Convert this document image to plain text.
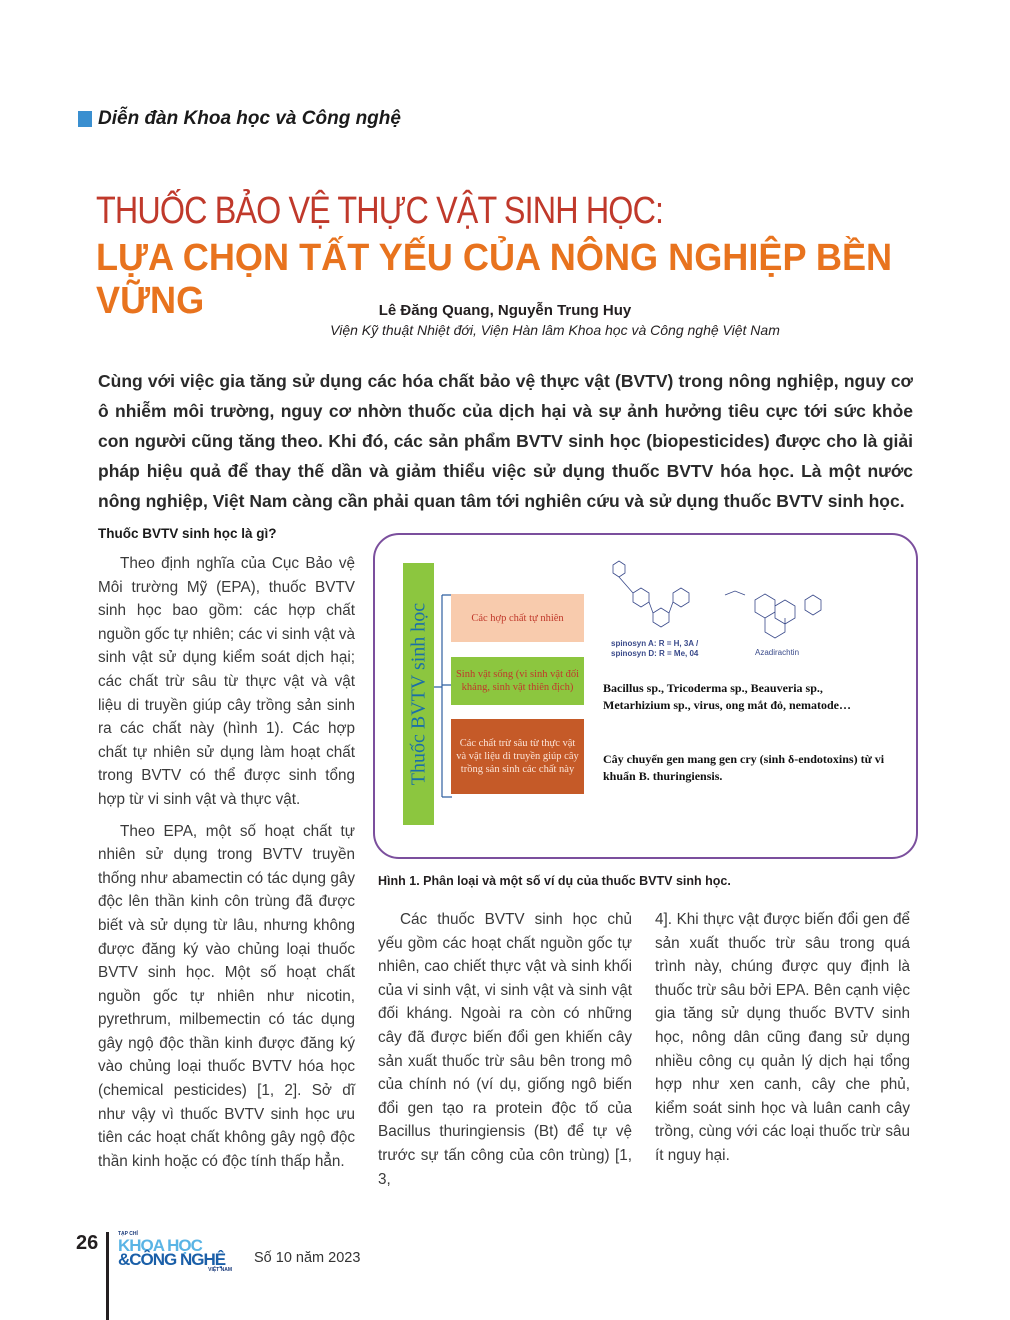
Diễn đàn Khoa học và Công nghệ
THUỐC BẢO VỆ THỰC VẬT SINH HỌC:
LỰA CHỌN TẤT YẾU CỦA NÔNG NGHIỆP BỀN VỮNG	Lê Đăng Quang, Nguyễn Trung Huy
Viện Kỹ thuật Nhiệt đới, Viện Hàn lâm Khoa học và Công nghệ Việt Nam
Cùng với việc gia tăng sử dụng các hóa chất bảo vệ thực vật (BVTV) trong nông nghiệp, nguy cơ ô nhiễm môi trường, nguy cơ nhờn thuốc của dịch hại và sự ảnh hưởng tiêu cực tới sức khỏe con người cũng tăng theo. Khi đó, các sản phẩm BVTV sinh học (biopesticides) được cho là giải pháp hiệu quả để thay thế dần và giảm thiểu việc sử dụng thuốc BVTV hóa học. Là một nước nông nghiệp, Việt Nam càng cần phải quan tâm tới nghiên cứu và sử dụng thuốc BVTV sinh học.
Thuốc BVTV sinh học là gì?

Theo định nghĩa của Cục Bảo vệ Môi trường Mỹ (EPA), thuốc BVTV sinh học bao gồm: các hợp chất nguồn gốc tự nhiên; các vi sinh vật và sinh vật sử dụng kiểm soát dịch hại; các chất trừ sâu từ thực vật và vật liệu di truyền giúp cây trồng sản sinh ra các chất này (hình 1). Các hợp chất tự nhiên sử dụng làm hoạt chất trong BVTV có thể được sinh tổng hợp từ vi sinh vật và thực vật.

Theo EPA, một số hoạt chất tự nhiên sử dụng trong BVTV truyền thống như abamectin có tác dụng gây độc lên thần kinh côn trùng đã được biết và sử dụng từ lâu, nhưng không được đăng ký vào chủng loại thuốc BVTV sinh học. Một số hoạt chất nguồn gốc tự nhiên như nicotin, pyrethrum, milbemectin có tác dụng gây ngộ độc thần kinh được đăng ký vào chủng loại thuốc BVTV hóa học (chemical pesticides) [1, 2]. Sở dĩ như vậy vì thuốc BVTV sinh học ưu tiên các hoạt chất không gây ngộ độc thần kinh hoặc có độc tính thấp hẳn.

Thuốc BVTV sinh học	Các hợp chất tự nhiên
Sinh vật sống (vi sinh vật đối kháng, sinh vật thiên địch)
Các chất trừ sâu từ thực vật và vật liệu di truyền giúp cây trồng sản sinh các chất này
spinosyn A: R = H, 3A / spinosyn D: R = Me, 04	Azadirachtin
Bacillus sp., Tricoderma sp., Beauveria sp., Metarhizium sp., virus, ong mắt đỏ, nematode…
Cây chuyển gen mang gen cry (sinh δ-endotoxins) từ vi khuẩn B. thuringiensis.
Hình 1. Phân loại và một số ví dụ của thuốc BVTV sinh học.

Các thuốc BVTV sinh học chủ yếu gồm các hoạt chất nguồn gốc tự nhiên, cao chiết thực vật và sinh khối của vi sinh vật, vi sinh vật và sinh vật đối kháng. Ngoài ra còn có những cây đã được biến đổi gen khiến cây sản xuất thuốc trừ sâu bên trong mô của chính nó (ví dụ, giống ngô biến đổi gen tạo ra protein độc tố của Bacillus thuringiensis (Bt) để tự vệ trước sự tấn công của côn trùng) [1, 3,

4]. Khi thực vật được biến đổi gen để sản xuất thuốc trừ sâu trong quá trình này, chúng được quy định là thuốc trừ sâu bởi EPA. Bên cạnh việc gia tăng sử dụng thuốc BVTV sinh học, nông dân cũng đang sử dụng nhiều công cụ quản lý dịch hại tổng hợp như xen canh, cây che phủ, kiểm soát sinh học và luân canh cây trồng, cùng với các loại thuốc trừ sâu ít nguy hại.

26	TẠP CHÍ
KHOA HỌC
&CÔNG NGHỆ
VIỆT NAM
Số 10 năm 2023
